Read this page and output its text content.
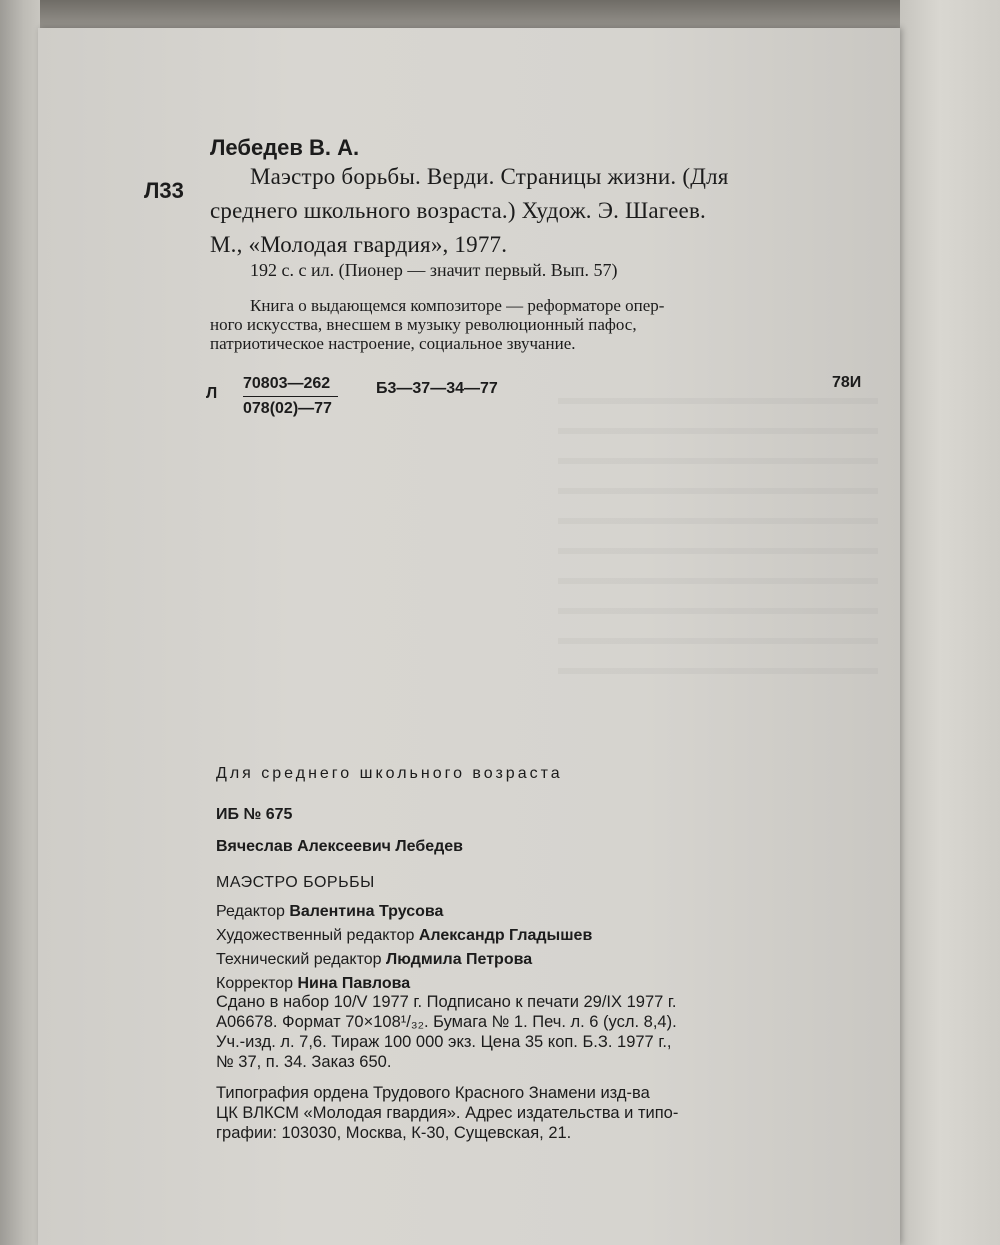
Лебедев В. А.
Л33
Маэстро борьбы. Верди. Страницы жизни. (Для
среднего школьного возраста.) Худож. Э. Шагеев.
М., «Молодая гвардия», 1977.
192 с. с ил. (Пионер — значит первый. Вып. 57)
Книга о выдающемся композиторе — реформаторе опер-
ного искусства, внесшем в музыку революционный пафос,
патриотическое настроение, социальное звучание.
Л $\frac{70803—262}{078(02)—77}$ Б3—37—34—77	78И
Для среднего школьного возраста
ИБ № 675
Вячеслав Алексеевич Лебедев
МАЭСТРО БОРЬБЫ
Редактор Валентина Трусова
Художественный редактор Александр Гладышев
Технический редактор Людмила Петрова
Корректор Нина Павлова
Сдано в набор 10/V 1977 г. Подписано к печати 29/IX 1977 г.
А06678. Формат 70×108¹/₃₂. Бумага № 1. Печ. л. 6 (усл. 8,4).
Уч.-изд. л. 7,6. Тираж 100 000 экз. Цена 35 коп. Б.З. 1977 г.,
№ 37, п. 34. Заказ 650.
Типография ордена Трудового Красного Знамени изд-ва
ЦК ВЛКСМ «Молодая гвардия». Адрес издательства и типо-
графии: 103030, Москва, К-30, Сущевская, 21.
